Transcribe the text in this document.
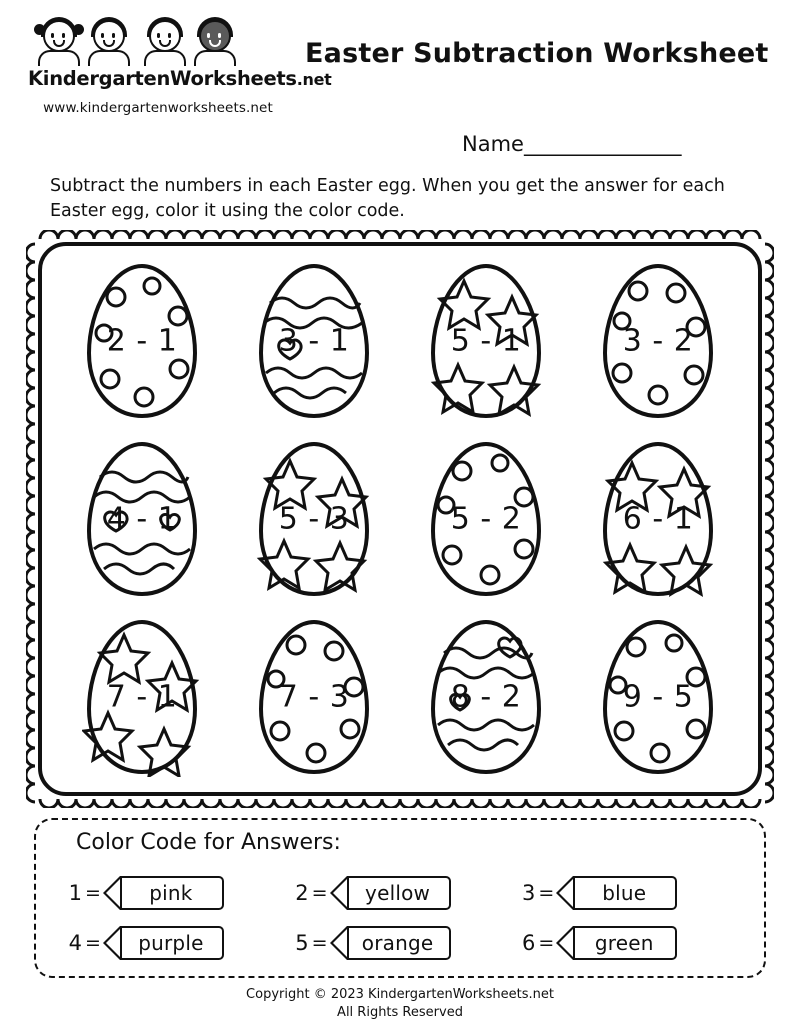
KindergartenWorksheets.net
www.kindergartenworksheets.net
Easter Subtraction Worksheet
Name_______________
Subtract the numbers in each Easter egg. When you get the answer for each Easter egg, color it using the color code.
2 - 1	3 - 1	5 - 1	3 - 2
4 - 1	5 - 3	5 - 2	6 - 1
7 - 1	7 - 3	8 - 2	9 - 5
Color Code for Answers:
1 = pink	2 = yellow	3 = blue
4 = purple	5 = orange	6 = green
Copyright © 2023 KindergartenWorksheets.net
All Rights Reserved
